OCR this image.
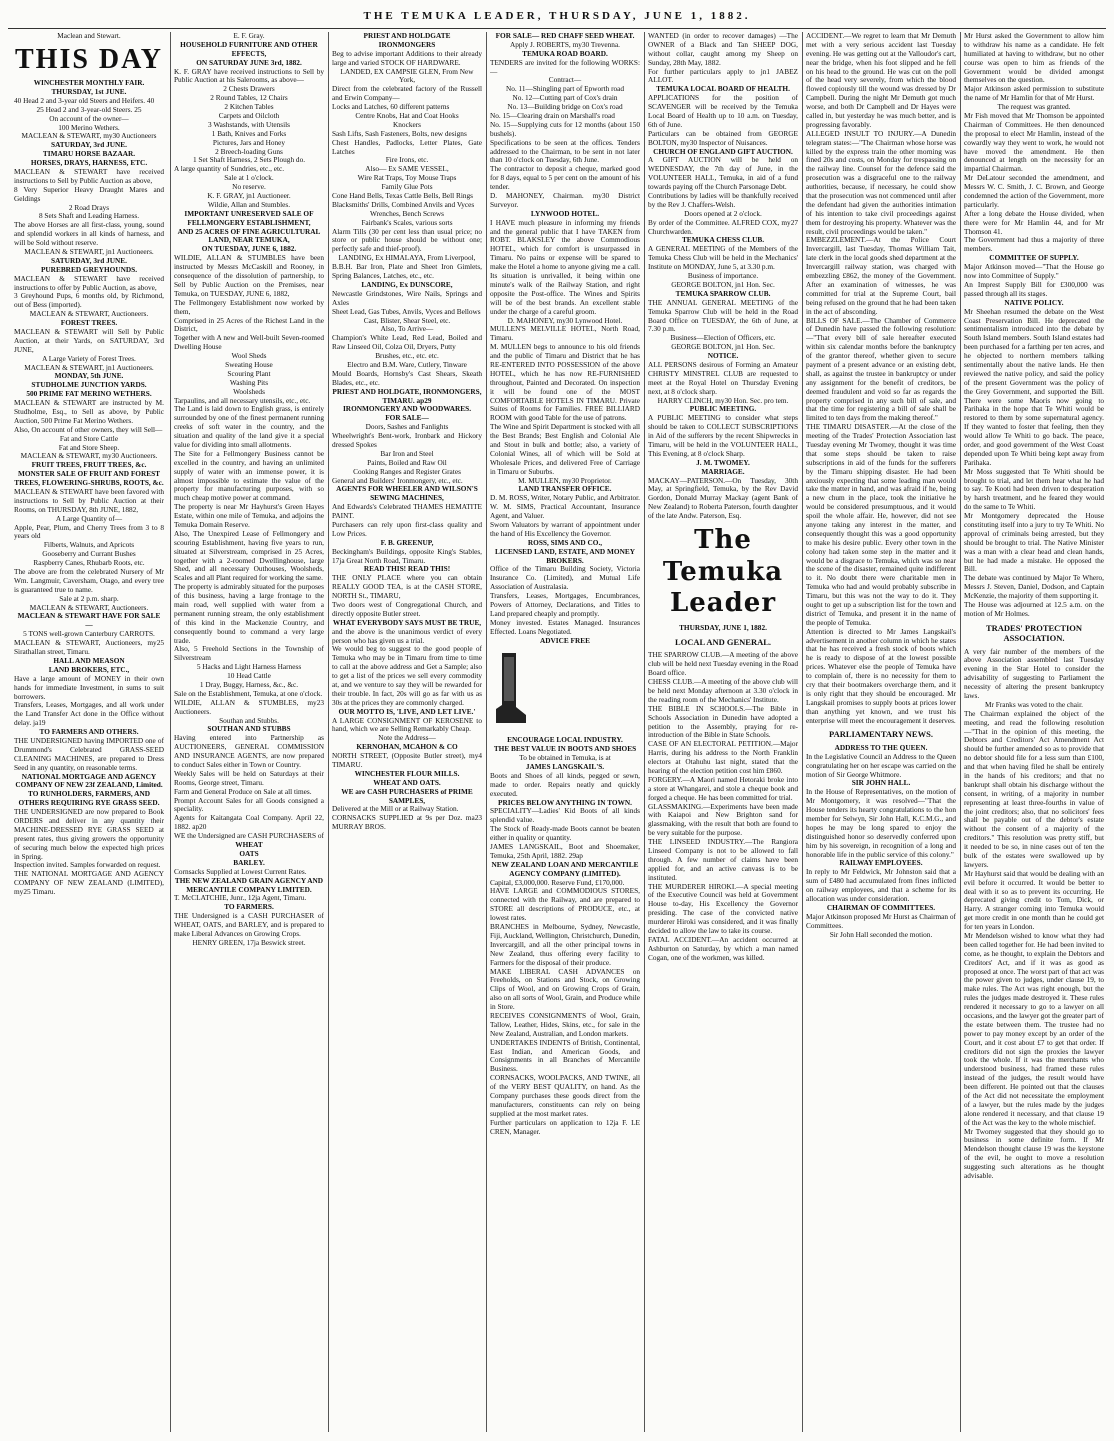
THE TEMUKA LEADER, THURSDAY, JUNE 1, 1882.

Maclean and Stewart.

THIS DAY

WINCHESTER MONTHLY FAIR.

THURSDAY, 1st JUNE.

40 Head 2 and 3-year old Steers and Heifers. 40

25 Head 2 and 3-year-old Steers. 25

On account of the owner—

100 Merino Wethers.

MACLEAN & STEWART, my30 Auctioneers

SATURDAY, 3rd JUNE.

TIMARU HORSE BAZAAR.

HORSES, DRAYS, HARNESS, ETC.

MACLEAN & STEWART have received instructions to Sell by Public Auction as above,

8 Very Superior Heavy Draught Mares and Geldings

2 Road Drays

8 Sets Shaft and Leading Harness.

The above Horses are all first-class, young, sound and splendid workers in all kinds of harness, and will be Sold without reserve.

MACLEAN & STEWART, jn1 Auctioneers.

SATURDAY, 3rd JUNE.

PUREBRED GREYHOUNDS.

MACLEAN & STEWART have received instructions to offer by Public Auction, as above,

3 Greyhound Pups, 6 months old, by Richmond, out of Bess (imported).

MACLEAN & STEWART, Auctioneers.

FOREST TREES.

MACLEAN & STEWART will Sell by Public Auction, at their Yards, on SATURDAY, 3rd JUNE,

A Large Variety of Forest Trees.

MACLEAN & STEWART, jn1 Auctioneers.

MONDAY, 5th JUNE.

STUDHOLME JUNCTION YARDS.

500 PRIME FAT MERINO WETHERS.

MACLEAN & STEWART are instructed by M. Studholme, Esq., to Sell as above, by Public Auction, 500 Prime Fat Merino Wethers.

Also, On account of other owners, they will Sell—

Fat and Store Cattle

Fat and Store Sheep.

MACLEAN & STEWART, my30 Auctioneers.

FRUIT TREES, FRUIT TREES, &c.

MONSTER SALE OF FRUIT AND FOREST TREES, FLOWERING-SHRUBS, ROOTS, &c.

MACLEAN & STEWART have been favored with instructions to Sell by Public Auction at their Rooms, on THURSDAY, 8th JUNE, 1882,

A Large Quantity of—

Apple, Pear, Plum, and Cherry Trees from 3 to 8 years old

Filberts, Walnuts, and Apricots

Gooseberry and Currant Bushes

Raspberry Canes, Rhubarb Roots, etc.

The above are from the celebrated Nursery of Mr Wm. Langmuir, Caversham, Otago, and every tree is guaranteed true to name.

Sale at 2 p.m. sharp.

MACLEAN & STEWART, Auctioneers.

MACLEAN & STEWART HAVE FOR SALE—

5 TONS well-grown Canterbury CARROTS.

MACLEAN & STEWART, Auctioneers, my25 Sirathallan street, Timaru.

HALL AND MEASON

LAND BROKERS, ETC.,

Have a large amount of MONEY in their own hands for immediate Investment, in sums to suit borrowers.

Transfers, Leases, Mortgages, and all work under the Land Transfer Act done in the Office without delay. ja19

TO FARMERS AND OTHERS.

THE UNDERSIGNED having IMPORTED one of Drummond's Celebrated GRASS-SEED CLEANING MACHINES, are prepared to Dress Seed in any quantity, on reasonable terms.

NATIONAL MORTGAGE AND AGENCY COMPANY OF NEW 23f ZEALAND, Limited.

TO RUNHOLDERS, FARMERS, AND OTHERS REQUIRING RYE GRASS SEED.

THE UNDERSIGNED are now prepared to Book ORDERS and deliver in any quantity their MACHINE-DRESSED RYE GRASS SEED at present rates, thus giving growers the opportunity of securing much below the expected high prices in Spring.

Inspection invited. Samples forwarded on request.

THE NATIONAL MORTGAGE AND AGENCY COMPANY OF NEW ZEALAND (LIMITED), my25 Timaru.

E. F. Gray.

HOUSEHOLD FURNITURE AND OTHER EFFECTS,

ON SATURDAY JUNE 3rd, 1882.

K. F. GRAY have received instructions to Sell by Public Auction at his Salerooms, as above—

2 Chests Drawers

2 Round Tables, 12 Chairs

2 Kitchen Tables

Carpets and Oilcloth

3 Washstands, with Utensils

1 Bath, Knives and Forks

Pictures, Jars and Honey

2 Breech-loading Guns

1 Set Shaft Harness, 2 Sets Plough do.

A large quantity of Sundries, etc., etc.

Sale at 1 o'clock.

No reserve.

K. F. GRAY, jn1 Auctioneer.

Wildie, Allan and Stumbles.

IMPORTANT UNRESERVED SALE OF FELLMONGERY ESTABLISHMENT,

AND 25 ACRES OF FINE AGRICULTURAL LAND, NEAR TEMUKA,

ON TUESDAY, JUNE 6, 1882.

WILDIE, ALLAN & STUMBLES have been instructed by Messrs McCaskill and Rooney, in consequence of the dissolution of partnership, to Sell by Public Auction on the Premises, near Temuka, on TUESDAY, JUNE 6, 1882,

The Fellmongery Establishment now worked by them,

Comprised in 25 Acres of the Richest Land in the District,

Together with A new and Well-built Seven-roomed Dwelling House

Wool Sheds

Sweating House

Scouring Plant

Washing Pits

Woolsheds

Tarpaulins, and all necessary utensils, etc., etc.

The Land is laid down to English grass, is entirely surrounded by one of the finest permanent running creeks of soft water in the country, and the situation and quality of the land give it a special value for dividing into small allotments.

The Site for a Fellmongery Business cannot be excelled in the country, and having an unlimited supply of water with an immense power, it is almost impossible to estimate the value of the property for manufacturing purposes, with so much cheap motive power at command.

The property is near Mr Hayhurst's Green Hayes Estate, within one mile of Temuka, and adjoins the Temuka Domain Reserve.

Also, The Unexpired Lease of Fellmongery and scouring Establishment, having five years to run, situated at Silverstream, comprised in 25 Acres, together with a 2-roomed Dwellinghouse, large Shed, and all necessary Outhouses, Woolsheds, Scales and all Plant required for working the same.

The property is admirably situated for the purposes of this business, having a large frontage to the main road, well supplied with water from a permanent running stream, the only establishment of this kind in the Mackenzie Country, and consequently bound to command a very large trade.

Also, 5 Freehold Sections in the Township of Silverstream

5 Hacks and Light Harness Harness

10 Head Cattle

1 Dray, Buggy, Harness, &c., &c.

Sale on the Establishment, Temuka, at one o'clock.

WILDIE, ALLAN & STUMBLES, my23 Auctioneers.

Southan and Stubbs.

SOUTHAN AND STUBBS

Having entered into Partnership as AUCTIONEERS, GENERAL COMMISSION AND INSURANCE AGENTS, are now prepared to conduct Sales either in Town or Country.

Weekly Sales will be held on Saturdays at their Rooms, George street, Timaru.

Farm and General Produce on Sale at all times.

Prompt Account Sales for all Goods consigned a speciality.

Agents for Kaitangata Coal Company. April 22, 1882. ap20

WE the Undersigned are CASH PURCHASERS of

WHEAT

OATS

BARLEY.

Cornsacks Supplied at Lowest Current Rates.

THE NEW ZEALAND GRAIN AGENCY AND MERCANTILE COMPANY LIMITED.

T. McCLATCHIE, Junr., 12ja Agent, Timaru.

TO FARMERS.

THE Undersigned is a CASH PURCHASER of WHEAT, OATS, and BARLEY, and is prepared to make Liberal Advances on Growing Crops.

HENRY GREEN, 17ja Beswick street.

PRIEST AND HOLDGATE

IRONMONGERS

Beg to advise important Additions to their already large and varied STOCK OF HARDWARE.

LANDED, EX CAMPSIE GLEN, From New York,

Direct from the celebrated factory of the Russell and Erwin Company—

Locks and Latches, 60 different patterns

Centre Knobs, Hat and Coat Hooks

Knockers

Sash Lifts, Sash Fasteners, Bolts, new designs

Chest Handles, Padlocks, Letter Plates, Gate Latches

Fire Irons, etc.

Also— Ex SAME VESSEL,

Wire Rat Traps, Toy Mouse Traps

Family Glue Pots

Cone Hand Bells, Texas Cattle Bells, Bell Rings

Blacksmiths' Drills, Combined Anvils and Vyces

Wrenches, Bench Screws

Fairbank's Scales, various sorts

Alarm Tills (30 per cent less than usual price; no store or public house should be without one; perfectly safe and thief-proof).

LANDING, Ex HIMALAYA, From Liverpool,

B.B.H. Bar Iron, Plate and Sheet Iron Gimlets, Spring Balances, Latches, etc., etc.

LANDING, Ex DUNSCORE,

Newcastle Grindstones, Wire Nails, Springs and Axles

Sheet Lead, Gas Tubes, Anvils, Vyces and Bellows

Cast, Blister, Shear Steel, etc.

Also, To Arrive—

Champion's White Lead, Red Lead, Boiled and Raw Linseed Oil, Colza Oil, Dryers, Putty

Brushes, etc., etc. etc.

Electro and B.M. Ware, Cutlery, Tinware

Mould Boards, Hornsby's Cast Shears, Skeath Blades, etc., etc.

PRIEST AND HOLDGATE, IRONMONGERS, TIMARU. ap29

IRONMONGERY AND WOODWARES.

FOR SALE—

Doors, Sashes and Fanlights

Wheelwright's Bent-work, Ironbark and Hickory dressed Spokes

Bar Iron and Steel

Paints, Boiled and Raw Oil

Cooking Ranges and Register Grates

General and Builders' Ironmongery, etc., etc.

AGENTS FOR WHEELER AND WILSON'S SEWING MACHINES,

And Edwards's Celebrated THAMES HEMATITE PAINT.

Purchasers can rely upon first-class quality and Low Prices.

F. B. GREENUP,

Beckingham's Buildings, opposite King's Stables, 17ja Great North Road, Timaru.

READ THIS! READ THIS!

THE ONLY PLACE where you can obtain REALLY GOOD TEA, is at the CASH STORE, NORTH St., TIMARU,

Two doors west of Congregational Church, and directly opposite Butler street.

WHAT EVERYBODY SAYS MUST BE TRUE,

and the above is the unanimous verdict of every person who has given us a trial.

We would beg to suggest to the good people of Temuka who may be in Timaru from time to time to call at the above address and Get a Sample; also to get a list of the prices we sell every commodity at, and we venture to say they will be rewarded for their trouble. In fact, 20s will go as far with us as 30s at the prices they are commonly charged.

OUR MOTTO IS, 'LIVE, AND LET LIVE.'

A LARGE CONSIGNMENT OF KEROSENE to hand, which we are Selling Remarkably Cheap.

Note the Address—

KERNOHAN, MCAHON & CO

NORTH STREET, (Opposite Butler street), my4 TIMARU.

WINCHESTER FLOUR MILLS.

WHEAT AND OATS.

WE are CASH PURCHASERS of PRIME SAMPLES,

Delivered at the Mill or at Railway Station.

CORNSACKS SUPPLIED at 9s per Doz. ma23 MURRAY BROS.

FOR SALE— RED CHAFF SEED WHEAT.

Apply J. ROBERTS, my30 Trevenna.

TEMUKA ROAD BOARD.

TENDERS are invited for the following WORKS:—

Contract—

No. 11—Shingling part of Epworth road

No. 12—Cutting part of Cox's drain

No. 13—Building bridge on Cox's road

No. 15—Clearing drain on Marshall's road

No. 15—Supplying cuts for 12 months (about 150 bushels).

Specifications to be seen at the offices. Tenders addressed to the Chairman, to be sent in not later than 10 o'clock on Tuesday, 6th June.

The contractor to deposit a cheque, marked good for 8 days, equal to 5 per cent on the amount of his tender.

D. MAHONEY, Chairman. my30 District Surveyor.

LYNWOOD HOTEL.

I HAVE much pleasure in informing my friends and the general public that I have TAKEN from ROBT. BLAKSLEY the above Commodious HOTEL, which for comfort is unsurpassed in Timaru. No pains or expense will be spared to make the Hotel a home to anyone giving me a call. Its situation is unrivalled, it being within one minute's walk of the Railway Station, and right opposite the Post-office. The Wines and Spirits will be of the best brands. An excellent stable under the charge of a careful groom.

D. MAHONEY, my30 Lynwood Hotel.

MULLEN'S MELVILLE HOTEL, North Road, Timaru.

M. MULLEN begs to announce to his old friends and the public of Timaru and District that he has RE-ENTERED INTO POSSESSION of the above HOTEL, which he has now RE-FURNISHED throughout, Painted and Decorated. On inspection it will be found one of the MOST COMFORTABLE HOTELS IN TIMARU. Private Suites of Rooms for Families. FREE BILLIARD ROOM with good Table for the use of patrons.

The Wine and Spirit Department is stocked with all the Best Brands; Best English and Colonial Ale and Stout in bulk and bottle; also, a variety of Colonial Wines, all of which will be Sold at Wholesale Prices, and delivered Free of Carriage in Timaru or Suburbs.

M. MULLEN, my30 Proprietor.

LAND TRANSFER OFFICE.

D. M. ROSS, Writer, Notary Public, and Arbitrator. W. M. SIMS, Practical Accountant, Insurance Agent, and Valuer.

Sworn Valuators by warrant of appointment under the hand of His Excellency the Governor.

ROSS, SIMS AND CO.,

LICENSED LAND, ESTATE, AND MONEY BROKERS.

Office of the Timaru Building Society, Victoria Insurance Co. (Limited), and Mutual Life Association of Australasia.

Transfers, Leases, Mortgages, Encumbrances, Powers of Attorney, Declarations, and Titles to Land prepared cheaply and promptly.

Money invested. Estates Managed. Insurances Effected. Loans Negotiated.

ADVICE FREE

ENCOURAGE LOCAL INDUSTRY.

THE BEST VALUE IN BOOTS AND SHOES

To be obtained in Temuka, is at

JAMES LANGSKAIL'S.

Boots and Shoes of all kinds, pegged or sewn, made to order. Repairs neatly and quickly executed.

PRICES BELOW ANYTHING IN TOWN.

SPECIALITY—Ladies' Kid Boots of all kinds splendid value.

The Stock of Ready-made Boots cannot be beaten either in quality or quantity.

JAMES LANGSKAIL, Boot and Shoemaker, Temuka, 25th April, 1882. 29ap

NEW ZEALAND LOAN AND MERCANTILE AGENCY COMPANY (LIMITED).

Capital, £3,000,000. Reserve Fund, £170,000.

HAVE LARGE and COMMODIOUS STORES, connected with the Railway, and are prepared to STORE all descriptions of PRODUCE, etc., at lowest rates.

BRANCHES in Melbourne, Sydney, Newcastle, Fiji, Auckland, Wellington, Christchurch, Dunedin, Invercargill, and all the other principal towns in New Zealand, thus offering every facility to Farmers for the disposal of their produce.

MAKE LIBERAL CASH ADVANCES on Freeholds, on Stations and Stock, on Growing Clips of Wool, and on Growing Crops of Grain, also on all sorts of Wool, Grain, and Produce while in Store.

RECEIVES CONSIGNMENTS of Wool, Grain, Tallow, Leather, Hides, Skins, etc., for sale in the New Zealand, Australian, and London markets.

UNDERTAKES INDENTS of British, Continental, East Indian, and American Goods, and Consignments in all Branches of Mercantile Business.

CORNSACKS, WOOLPACKS, AND TWINE, all of the VERY BEST QUALITY, on hand. As the Company purchases these goods direct from the manufacturers, constituents can rely on being supplied at the most market rates.

Further particulars on application to 12ja F. LE CREN, Manager.

WANTED (in order to recover damages) —The OWNER of a Black and Tan SHEEP DOG, without collar, caught among my Sheep on Sunday, 28th May, 1882.

For further particulars apply to jn1 JABEZ ALLOT.

TEMUKA LOCAL BOARD OF HEALTH.

APPLICATIONS for the position of SCAVENGER will be received by the Temuka Local Board of Health up to 10 a.m. on Tuesday, 6th of June.

Particulars can be obtained from GEORGE BOLTON, my30 Inspector of Nuisances.

CHURCH OF ENGLAND GIFT AUCTION.

A GIFT AUCTION will be held on WEDNESDAY, the 7th day of June, in the VOLUNTEER HALL, Temuka, in aid of a fund towards paying off the Church Parsonage Debt.

Contributions by ladies will be thankfully received by the Rev J. Chaffers-Welsh.

Doors opened at 2 o'clock.

By order of the Committee. ALFRED COX, my27 Churchwarden.

TEMUKA CHESS CLUB.

A GENERAL MEETING of the Members of the Temuka Chess Club will be held in the Mechanics' Institute on MONDAY, June 5, at 3.30 p.m.

Business of importance.

GEORGE BOLTON, jn1 Hon. Sec.

TEMUKA SPARROW CLUB.

THE ANNUAL GENERAL MEETING of the Temuka Sparrow Club will be held in the Road Board Office on TUESDAY, the 6th of June, at 7.30 p.m.

Business—Election of Officers, etc.

GEORGE BOLTON, jn1 Hon. Sec.

NOTICE.

ALL PERSONS desirous of Forming an Amateur CHRISTY MINSTREL CLUB are requested to meet at the Royal Hotel on Thursday Evening next, at 8 o'clock sharp.

HARRY CLINCH, my30 Hon. Sec. pro tem.

PUBLIC MEETING.

A PUBLIC MEETING to consider what steps should be taken to COLLECT SUBSCRIPTIONS in Aid of the sufferers by the recent Shipwrecks in Timaru, will be held in the VOLUNTEER HALL, This Evening, at 8 o'clock Sharp.

J. M. TWOMEY.

MARRIAGE.

MACKAY—PATERSON.—On Tuesday, 30th May, at Springfield, Temuka, by the Rev David Gordon, Donald Murray Mackay (agent Bank of New Zealand) to Roberta Paterson, fourth daughter of the late Andw. Paterson, Esq.

The Temuka Leader

THURSDAY, JUNE 1, 1882.

LOCAL AND GENERAL.

THE SPARROW CLUB.—A meeting of the above club will be held next Tuesday evening in the Road Board office.

CHESS CLUB.—A meeting of the above club will be held next Monday afternoon at 3.30 o'clock in the reading room of the Mechanics' Institute.

THE BIBLE IN SCHOOLS.—The Bible in Schools Association in Dunedin have adopted a petition to the Assembly, praying for re-introduction of the Bible in State Schools.

CASE OF AN ELECTORAL PETITION.—Major Harris, during his address to the North Franklin electors at Otahuhu last night, stated that the hearing of the election petition cost him £860.

FORGERY.—A Maori named Hetoraki broke into a store at Whangarei, and stole a cheque book and forged a cheque. He has been committed for trial.

GLASSMAKING.—Experiments have been made with Kaiapoi and New Brighton sand for glassmaking, with the result that both are found to be very suitable for the purpose.

THE LINSEED INDUSTRY.—The Rangiora Linseed Company is not to be allowed to fall through. A few number of claims have been applied for, and an active canvass is to be instituted.

THE MURDERER HIROKI.—A special meeting of the Executive Council was held at Government House to-day, His Excellency the Governor presiding. The case of the convicted native murderer Hiroki was considered, and it was finally decided to allow the law to take its course.

FATAL ACCIDENT.—An accident occurred at Ashburton on Saturday, by which a man named Cogan, one of the workmen, was killed.

ACCIDENT.—We regret to learn that Mr Demuth met with a very serious accident last Tuesday evening. He was getting out at the Valloudor's cart, near the bridge, when his foot slipped and he fell on his head to the ground. He was cut on the poll of the head very severely, from which the blood flowed copiously till the wound was dressed by Dr Campbell. During the night Mr Demuth got much worse, and both Dr Campbell and Dr Hayes were called in, but yesterday he was much better, and is progressing favorably.

ALLEGED INSULT TO INJURY.—A Dunedin telegram states:—"The Chairman whose horse was killed by the express train the other morning was fined 20s and costs, on Monday for trespassing on the railway line. Counsel for the defence said the prosecution was a disgraceful one to the railway authorities, because, if necessary, he could show that the prosecution was not commenced until after the defendant had given the authorities intimation of his intention to take civil proceedings against them for destroying his property. Whatever was the result, civil proceedings would be taken."

EMBEZZLEMENT.—At the Police Court Invercargill, last Tuesday, Thomas William Tait, late clerk in the local goods shed department at the Invercargill railway station, was charged with embezzling £862, the money of the Government. After an examination of witnesses, he was committed for trial at the Supreme Court, bail being refused on the ground that he had been taken in the act of absconding.

BILLS OF SALE.—The Chamber of Commerce of Dunedin have passed the following resolution:—"That every bill of sale hereafter executed within six calendar months before the bankruptcy of the grantor thereof, whether given to secure payment of a present advance or an existing debt, shall, as against the trustee in bankruptcy or under any assignment for the benefit of creditors, be deemed fraudulent and void so far as regards the property comprised in any such bill of sale, and that the time for registering a bill of sale shall be limited to ten days from the making thereof."

THE TIMARU DISASTER.—At the close of the meeting of the Trades' Protection Association last Tuesday evening Mr Twomey, thought it was time that some steps should be taken to raise subscriptions in aid of the funds for the sufferers by the Timaru shipping disaster. He had been anxiously expecting that some leading man would take the matter in hand, and was afraid if he, being a new chum in the place, took the initiative he would be considered presumptuous, and it would spoil the whole affair. He, however, did not see anyone taking any interest in the matter, and consequently thought this was a good opportunity to make his desire public. Every other town in the colony had taken some step in the matter and it would be a disgrace to Temuka, which was so near the scene of the disaster, remained quite indifferent to it. No doubt there were charitable men in Temuka who had and would probably subscribe in Timaru, but this was not the way to do it. They ought to get up a subscription list for the town and district of Temuka, and present it in the name of the people of Temuka.

Attention is directed to Mr James Langskail's advertisement in another column in which he states that he has received a fresh stock of boots which he is ready to dispose of at the lowest possible prices. Whatever else the people of Temuka have to complain of, there is no necessity for them to cry that their bootmakers overcharge them, and it is only right that they should be encouraged. Mr Langskail promises to supply boots at prices lower than anything yet known, and we trust his enterprise will meet the encouragement it deserves.

PARLIAMENTARY NEWS.

ADDRESS TO THE QUEEN.

In the Legislative Council an Address to the Queen congratulating her on her escape was carried on the motion of Sir George Whitmore.

SIR JOHN HALL.

In the House of Representatives, on the motion of Mr Montgomery, it was resolved—"That the House tenders its hearty congratulations to the hon member for Selwyn, Sir John Hall, K.C.M.G., and hopes he may be long spared to enjoy the distinguished honor so deservedly conferred upon him by his sovereign, in recognition of a long and honorable life in the public service of this colony."

RAILWAY EMPLOYEES.

In reply to Mr Feldwick, Mr Johnston said that a sum of £480 had accumulated from fines inflicted on railway employees, and that a scheme for its allocation was under consideration.

CHAIRMAN OF COMMITTEES.

Major Atkinson proposed Mr Hurst as Chairman of Committees.

Sir John Hall seconded the motion.

Mr Hurst asked the Government to allow him to withdraw his name as a candidate. He felt humiliated at having to withdraw, but no other course was open to him as friends of the Government would be divided amongst themselves on the question.

Major Atkinson asked permission to substitute the name of Mr Hamlin for that of Mr Hurst.

The request was granted.

Mr Fish moved that Mr Thomson be appointed Chairman of Committees. He then denounced the proposal to elect Mr Hamlin, instead of the cowardly way they went to work, he would not have moved the amendment. He then denounced at length on the necessity for an impartial Chairman.

Mr DeLatour seconded the amendment, and Messrs W. C. Smith, J. C. Brown, and George condemned the action of the Government, more particularly.

After a long debate the House divided, when there were for Mr Hamlin 44, and for Mr Thomson 41.

The Government had thus a majority of three members.

COMMITTEE OF SUPPLY.

Major Atkinson moved—"That the House go now into Committee of Supply."

An Imprest Supply Bill for £300,000 was passed through all its stages.

NATIVE POLICY.

Mr Sheehan resumed the debate on the West Coast Preservation Bill. He deprecated the sentimentalism introduced into the debate by South Island members. South Island estates had been purchased for a farthing per ten acres, and he objected to northern members talking sentimentally about the native lands. He then reviewed the native policy, and said the policy of the present Government was the policy of the Grey Government, and supported the Bill. There were some Maoris now going to Parihaka in the hope that Te Whiti would be restored to them by some supernatural agency. If they wanted to foster that feeling, then they would allow Te Whiti to go back. The peace, order, and good government of the West Coast depended upon Te Whiti being kept away from Parihaka.

Mr Moss suggested that Te Whiti should be brought to trial, and let them hear what he had to say. Te Kooti had been driven to desperation by harsh treatment, and he feared they would do the same to Te Whiti.

Mr Montgomery deprecated the House constituting itself into a jury to try Te Whiti. No approval of criminals being arrested, but they should be brought to trial. The Native Minister was a man with a clear head and clean hands, but he had made a mistake. He opposed the Bill.

The debate was continued by Major Te Whero, Messrs J. Steven, Daniel, Dodson, and Captain McKenzie, the majority of them supporting it.

The House was adjourned at 12.5 a.m. on the motion of Mr Holmes.

TRADES' PROTECTION ASSOCIATION.

A very fair number of the members of the above Association assembled last Tuesday evening in the Star Hotel to consider the advisability of suggesting to Parliament the necessity of altering the present bankruptcy laws.

Mr Franks was voted to the chair.

The Chairman explained the object of the meeting, and read the following resolution—"That in the opinion of this meeting, the Debtors and Creditors' Act Amendment Act should be further amended so as to provide that no debtor should file for a less sum than £100, and that when having filed he shall be entirely in the hands of his creditors; and that no bankrupt shall obtain his discharge without the consent, in writing, of a majority in number representing at least three-fourths in value of the joint creditors; also, that no solicitors' fees shall be payable out of the debtor's estate without the consent of a majority of the creditors." This resolution was pretty stiff, but it needed to be so, in nine cases out of ten the bulk of the estates were swallowed up by lawyers.

Mr Hayhurst said that would be dealing with an evil before it occurred. It would be better to deal with it so as to prevent its occurring. He deprecated giving credit to Tom, Dick, or Harry. A stranger coming into Temuka would get more credit in one month than he could get for ten years in London.

Mr Mendelson wished to know what they had been called together for. He had been invited to come, as he thought, to explain the Debtors and Creditors' Act, and if it was as good as proposed at once. The worst part of that act was the power given to judges, under clause 19, to make rules. The Act was right enough, but the rules the judges made destroyed it. These rules rendered it necessary to go to a lawyer on all occasions, and the lawyer got the greater part of the estate between them. The trustee had no power to pay money except by an order of the Court, and it cost about £7 to get that order. If creditors did not sign the proxies the lawyer took the whole. If it was the merchants who understood business, had framed these rules instead of the judges, the result would have been different. He pointed out that the clauses of the Act did not necessitate the employment of a lawyer, but the rules made by the judges alone rendered it necessary, and that clause 19 of the Act was the key to the whole mischief.

Mr Twomey suggested that they should go to business in some definite form. If Mr Mendelson thought clause 19 was the keystone of the evil, he ought to move a resolution suggesting such alterations as he thought advisable.
